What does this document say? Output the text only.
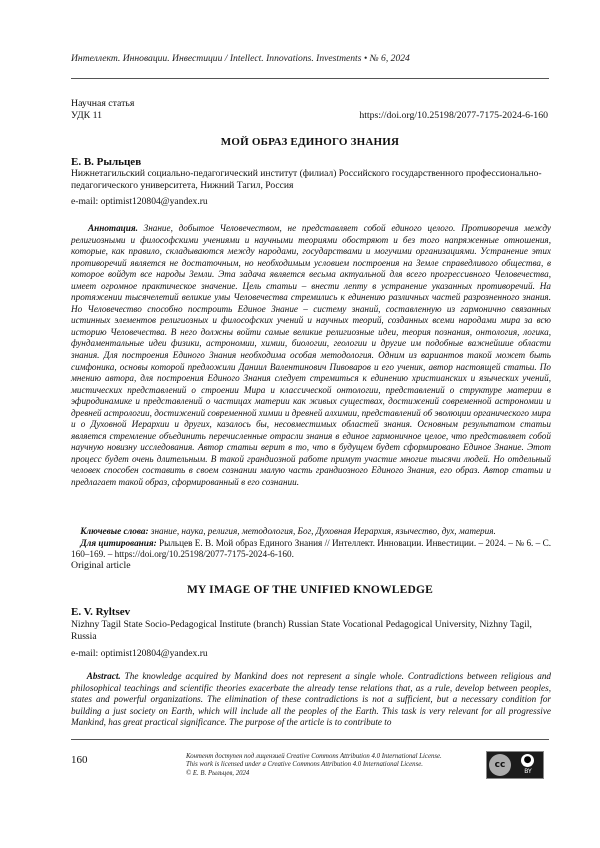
Интеллект. Инновации. Инвестиции / Intellect. Innovations. Investments • № 6, 2024
Научная статья
УДК 11	https://doi.org/10.25198/2077-7175-2024-6-160
МОЙ ОБРАЗ ЕДИНОГО ЗНАНИЯ
Е. В. Рыльцев
Нижнетагильский социально-педагогический институт (филиал) Российского государственного профессионально-педагогического университета, Нижний Тагил, Россия
e-mail: optimist120804@yandex.ru
Аннотация. Знание, добытое Человечеством, не представляет собой единого целого. Противоречия между религиозными и философскими учениями и научными теориями обостряют и без того напряженные отношения, которые, как правило, складываются между народами, государствами и могучими организациями. Устранение этих противоречий является не достаточным, но необходимым условием построения на Земле справедливого общества, в которое войдут все народы Земли. Эта задача является весьма актуальной для всего прогрессивного Человечества, имеет огромное практическое значение. Цель статьи – внести лепту в устранение указанных противоречий. На протяжении тысячелетий великие умы Человечества стремились к единению различных частей разрозненного знания. Но Человечество способно построить Единое Знание – систему знаний, составленную из гармонично связанных истинных элементов религиозных и философских учений и научных теорий, созданных всеми народами мира за всю историю Человечества. В него должны войти самые великие религиозные идеи, теория познания, онтология, логика, фундаментальные идеи физики, астрономии, химии, биологии, геологии и другие им подобные важнейшие области знания. Для построения Единого Знания необходима особая методология. Одним из вариантов такой может быть симфоника, основы которой предложили Даниил Валентинович Пивоваров и его ученик, автор настоящей статьи. По мнению автора, для построения Единого Знания следует стремиться к единению христианских и языческих учений, мистических представлений о строении Мира и классической онтологии, представлений о структуре материи в эфиродинамике и представлений о частицах материи как живых существах, достижений современной астрономии и древней астрологии, достижений современной химии и древней алхимии, представлений об эволюции органического мира и о Духовной Иерархии и других, казалось бы, несовместимых областей знания. Основным результатом статьи является стремление объединить перечисленные отрасли знания в единое гармоничное целое, что представляет собой научную новизну исследования. Автор статьи верит в то, что в будущем будет сформировано Единое Знание. Этот процесс будет очень длительным. В такой грандиозной работе примут участие многие тысячи людей. Но отдельный человек способен составить в своем сознании малую часть грандиозного Единого Знания, его образ. Автор статьи и предлагает такой образ, сформированный в его сознании.
Ключевые слова: знание, наука, религия, методология, Бог, Духовная Иерархия, язычество, дух, материя.
Для цитирования: Рыльцев Е. В. Мой образ Единого Знания // Интеллект. Инновации. Инвестиции. – 2024. – № 6. – С. 160–169. – https://doi.org/10.25198/2077-7175-2024-6-160.
Original article
MY IMAGE OF THE UNIFIED KNOWLEDGE
E. V. Ryltsev
Nizhny Tagil State Socio-Pedagogical Institute (branch) Russian State Vocational Pedagogical University, Nizhny Tagil, Russia
e-mail: optimist120804@yandex.ru
Abstract. The knowledge acquired by Mankind does not represent a single whole. Contradictions between religious and philosophical teachings and scientific theories exacerbate the already tense relations that, as a rule, develop between peoples, states and powerful organizations. The elimination of these contradictions is not a sufficient, but a necessary condition for building a just society on Earth, which will include all the peoples of the Earth. This task is very relevant for all progressive Mankind, has great practical significance. The purpose of the article is to contribute to
160	Контент доступен под лицензией Creative Commons Attribution 4.0 International License.
This work is licensed under a Creative Commons Attribution 4.0 International License.
© Е. В. Рыльцев, 2024
cc	●
BY
